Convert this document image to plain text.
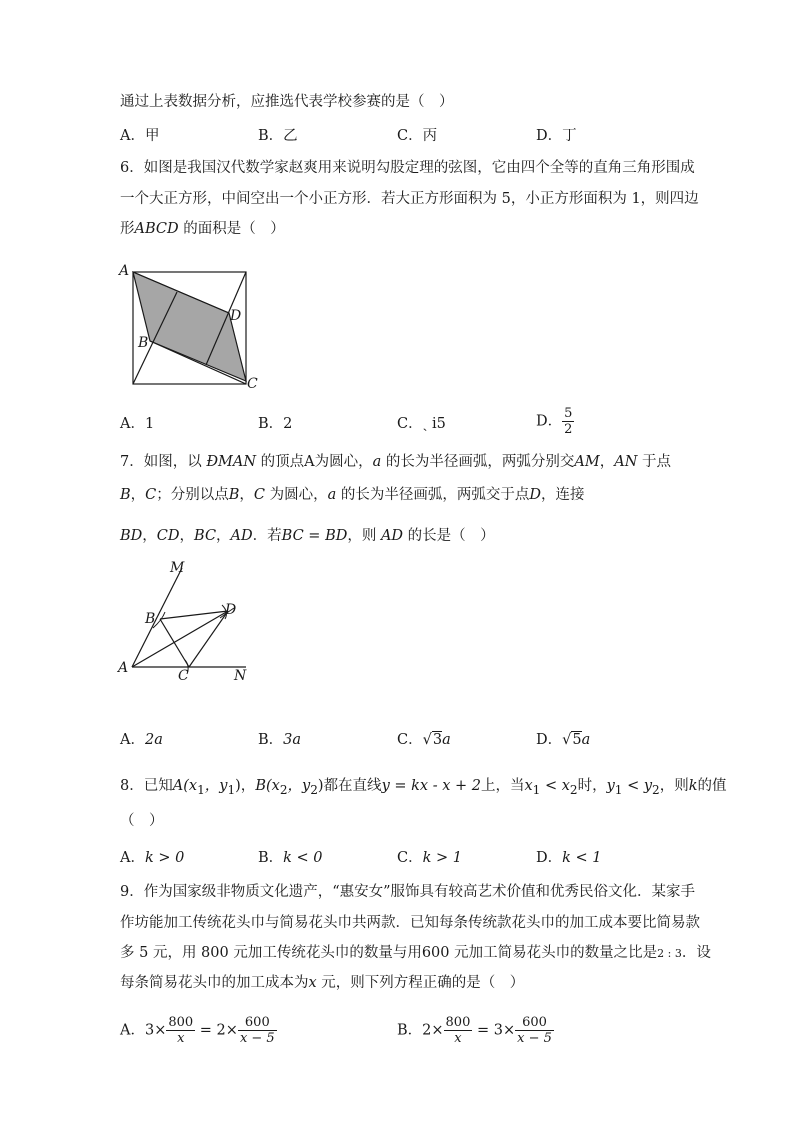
通过上表数据分析，应推选代表学校参赛的是（　）
A．甲	B．乙	C．丙	D．丁
6．如图是我国汉代数学家赵爽用来说明勾股定理的弦图，它由四个全等的直角三角形围成
一个大正方形，中间空出一个小正方形．若大正方形面积为 5，小正方形面积为 1，则四边
形ABCD 的面积是（　）
A
B
D
C
A．1	B．2	C．ˎ i5	D． $\frac{5}{2}$
7．如图，以 ÐMAN 的顶点A为圆心，a 的长为半径画弧，两弧分别交AM，AN 于点
B，C；分别以点B，C 为圆心，a 的长为半径画弧，两弧交于点D，连接
BD，CD，BC，AD．若BC = BD，则 AD 的长是（　）
M
B
D
A	C	N
A．2a	B．3a	C．√3a	D．√5a
8．已知$A(x_1$，$y_1$)，$B(x_2$，$y_2$)都在直线y = kx - x + 2上，当$x_1 < x_2$时，$y_1 < y_2$，则k的值
（　）
A．k > 0	B．k < 0	C．k > 1	D．k < 1
9．作为国家级非物质文化遗产，“惠安女”服饰具有较高艺术价值和优秀民俗文化．某家手
作坊能加工传统花头巾与简易花头巾共两款．已知每条传统款花头巾的加工成本要比简易款
多 5 元，用 800 元加工传统花头巾的数量与用600 元加工简易花头巾的数量之比是2 : 3．设
每条简易花头巾的加工成本为x 元，则下列方程正确的是（　）
A．$3\times \frac{800}{x} = 2\times \frac{600}{x - 5}$	B．$2\times \frac{800}{x} = 3\times \frac{600}{x - 5}$
